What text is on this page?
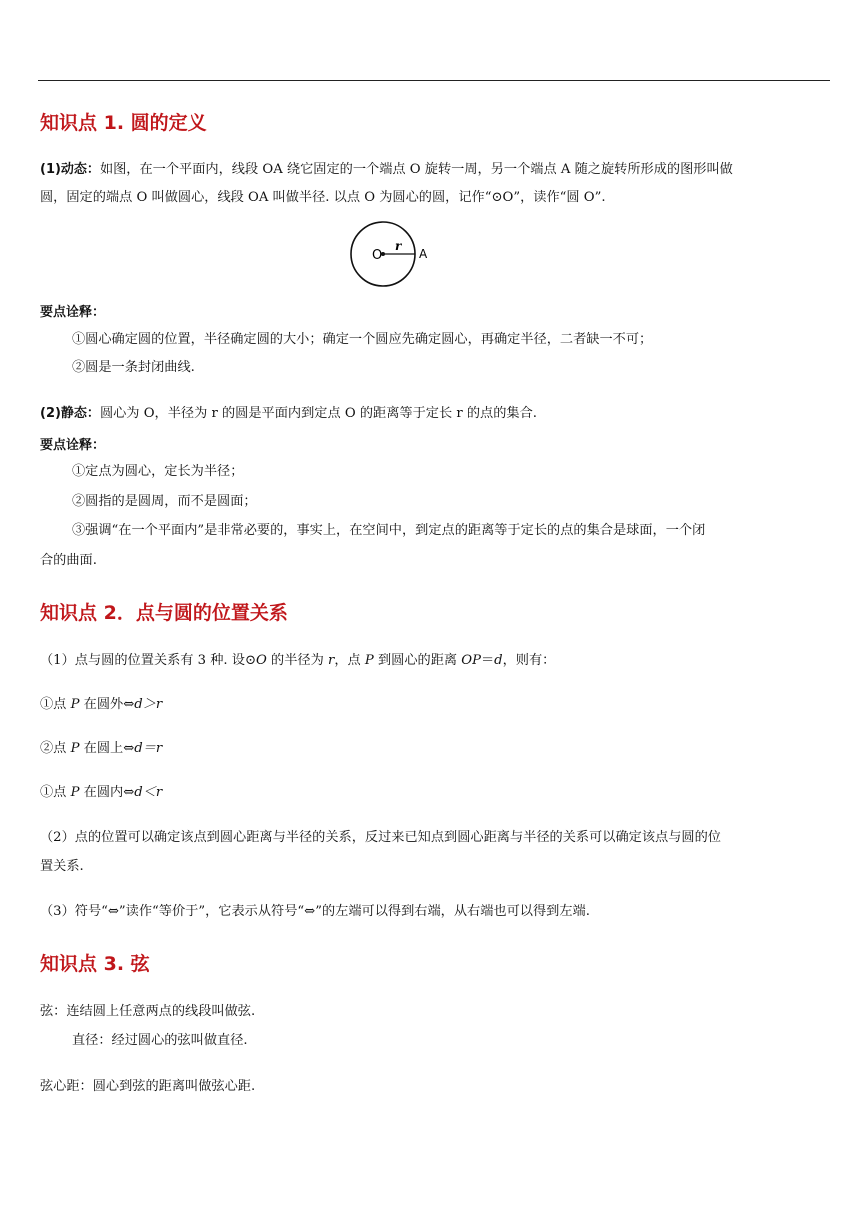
知识点 1. 圆的定义
(1)动态：如图，在一个平面内，线段 OA 绕它固定的一个端点 O 旋转一周，另一个端点 A 随之旋转所形成的图形叫做
圆，固定的端点 O 叫做圆心，线段 OA 叫做半径. 以点 O 为圆心的圆，记作“⊙O”，读作“圆 O”.
O
r
A
要点诠释：
①圆心确定圆的位置，半径确定圆的大小；确定一个圆应先确定圆心，再确定半径，二者缺一不可；
②圆是一条封闭曲线.
(2)静态：圆心为 O，半径为 r 的圆是平面内到定点 O 的距离等于定长 r 的点的集合.
要点诠释：
①定点为圆心，定长为半径；
②圆指的是圆周，而不是圆面；
③强调“在一个平面内”是非常必要的，事实上，在空间中，到定点的距离等于定长的点的集合是球面，一个闭
合的曲面.
知识点 2．点与圆的位置关系
（1）点与圆的位置关系有 3 种. 设⊙O 的半径为 r，点 P 到圆心的距离 OP＝d，则有：
①点 P 在圆外⇔d＞r
②点 P 在圆上⇔d＝r
①点 P 在圆内⇔d＜r
（2）点的位置可以确定该点到圆心距离与半径的关系，反过来已知点到圆心距离与半径的关系可以确定该点与圆的位
置关系.
（3）符号“⇔”读作“等价于”，它表示从符号“⇔”的左端可以得到右端，从右端也可以得到左端.
知识点 3. 弦
弦：连结圆上任意两点的线段叫做弦.
直径：经过圆心的弦叫做直径.
弦心距：圆心到弦的距离叫做弦心距.
